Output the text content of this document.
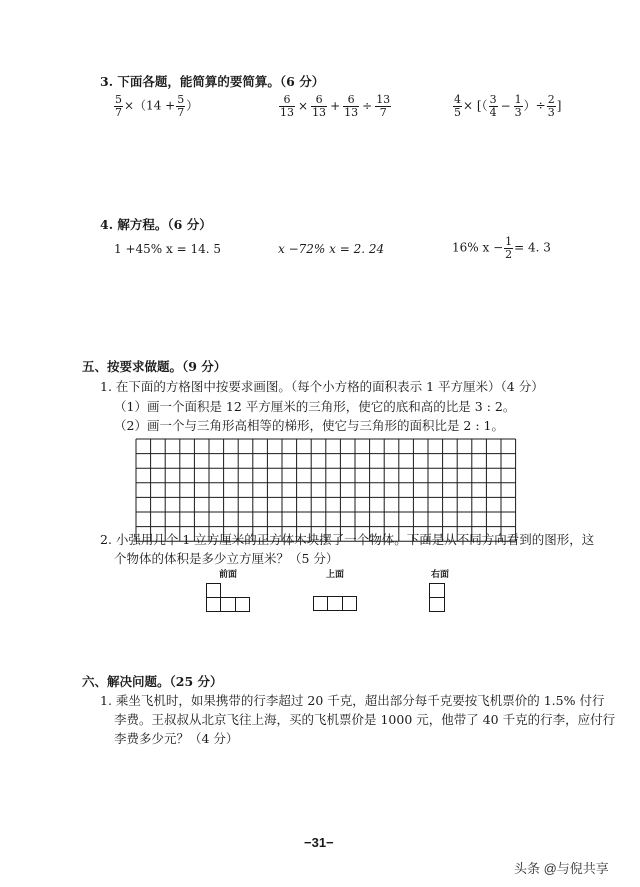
3. 下面各题，能简算的要简算。（6 分）
$\frac{5}{7} \times(14 + \frac{5}{7}$ ）	$\frac{6}{13} \times \frac{6}{13} + \frac{6}{13} \div \frac{13}{7}$	$\frac{4}{5}$ × [（ $\frac{3}{4} - \frac{1}{3}$ ）÷ $\frac{2}{3}$ ]
4. 解方程。（6 分）
1 +45% x = 14. 5	x −72% x = 2. 24	16% $x - \frac{1}{2} = 4$. 3
五、按要求做题。（9 分）
1. 在下面的方格图中按要求画图。（每个小方格的面积表示 1 平方厘米）（4 分）
（1）画一个面积是 12 平方厘米的三角形，使它的底和高的比是 3 : 2。
（2）画一个与三角形高相等的梯形，使它与三角形的面积比是 2 : 1。
2. 小强用几个 1 立方厘米的正方体木块摆了一个物体。下面是从不同方向看到的图形，这
个物体的体积是多少立方厘米？（5 分）
前面	上面	右面
六、解决问题。（25 分）
1. 乘坐飞机时，如果携带的行李超过 20 千克，超出部分每千克要按飞机票价的 1.5% 付行
李费。王叔叔从北京飞往上海，买的飞机票价是 1000 元，他带了 40 千克的行李，应付行
李费多少元？（4 分）
−31−
头条 @与倪共享
